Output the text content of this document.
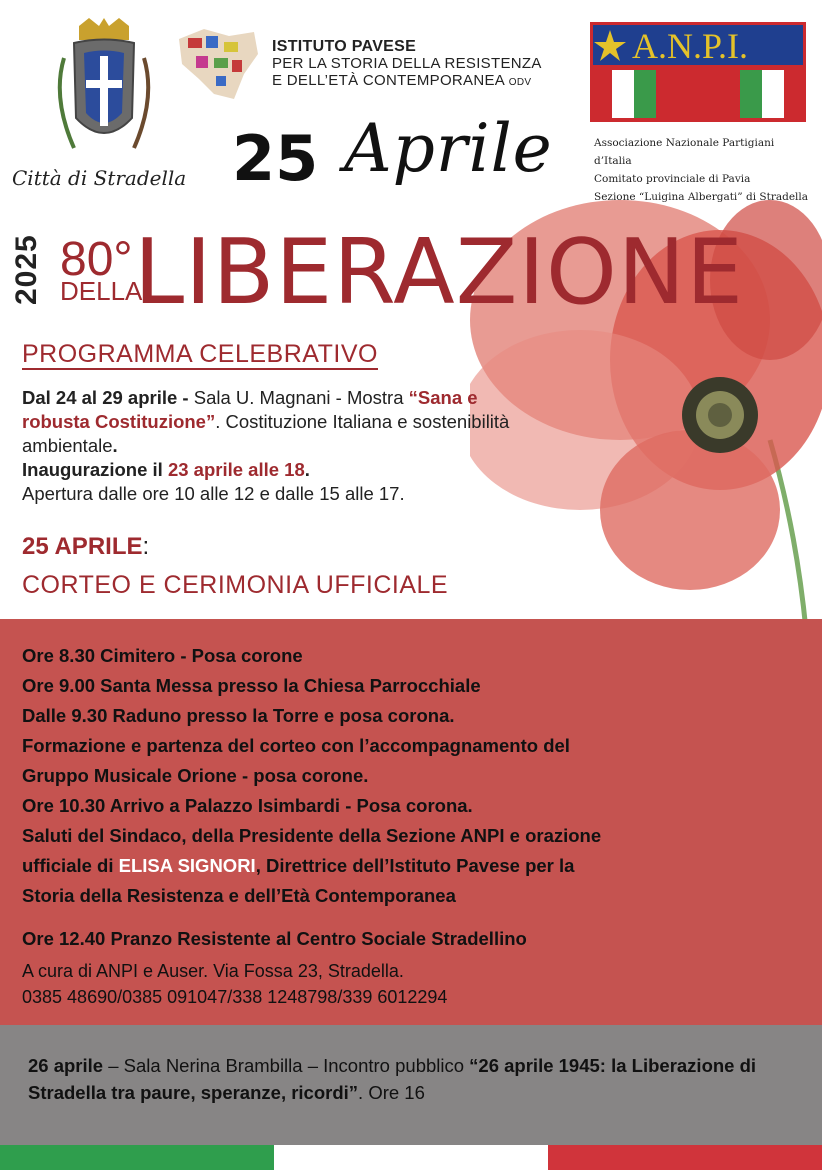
Città di Stradella
ISTITUTO PAVESE
PER LA STORIA DELLA RESISTENZA
E DELL’ETÀ CONTEMPORANEA ODV
A.N.P.I.
Associazione Nazionale Partigiani d’Italia
Comitato provinciale di Pavia
Sezione “Luigina Albergati” di Stradella
25 Aprile
2025 80°
DELLA
LIBERAZIONE
PROGRAMMA CELEBRATIVO
Dal 24 al 29 aprile - Sala U. Magnani - Mostra “Sana e robusta Costituzione”. Costituzione Italiana e sostenibilità ambientale.
Inaugurazione il 23 aprile alle 18.
Apertura dalle ore 10 alle 12 e dalle 15 alle 17.
25 APRILE:
CORTEO E CERIMONIA UFFICIALE
Ore 8.30 Cimitero - Posa corone
Ore 9.00 Santa Messa presso la Chiesa Parrocchiale
Dalle 9.30 Raduno presso la Torre e posa corona.
Formazione e partenza del corteo con l’accompagnamento del
Gruppo Musicale Orione - posa corone.
Ore 10.30 Arrivo a Palazzo Isimbardi - Posa corona.
Saluti del Sindaco, della Presidente della Sezione ANPI e orazione
ufficiale di ELISA SIGNORI, Direttrice dell’Istituto Pavese per la
Storia della Resistenza e dell’Età Contemporanea
Ore 12.40 Pranzo Resistente al Centro Sociale Stradellino
A cura di ANPI e Auser. Via Fossa 23, Stradella.
0385 48690/0385 091047/338 1248798/339 6012294
26 aprile – Sala Nerina Brambilla – Incontro pubblico “26 aprile 1945: la Liberazione di Stradella tra paure, speranze, ricordi”. Ore 16
